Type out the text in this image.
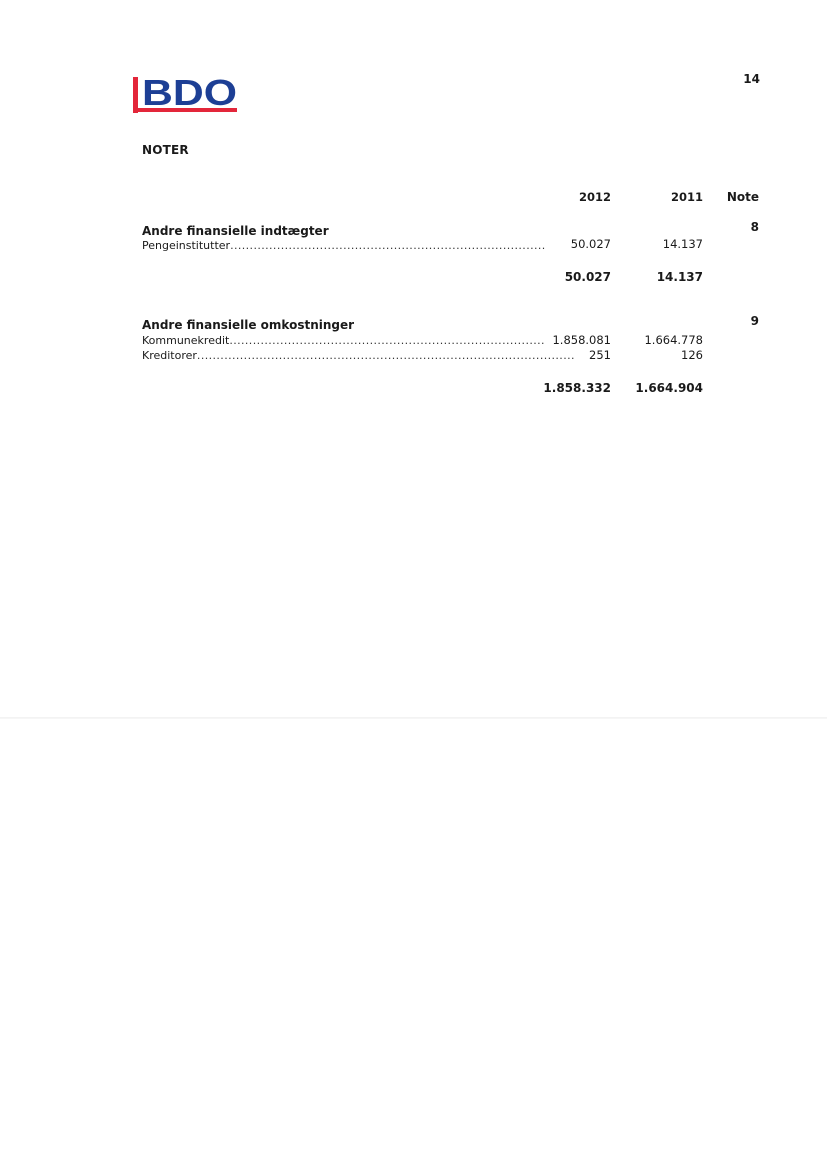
BDO	14
NOTER
2012	2011	Note
Andre finansielle indtægter	8
Pengeinstitutter.................................................................................	50.027	14.137
50.027	14.137
Andre finansielle omkostninger	9
Kommunekredit................................................................................. 1.858.081	1.664.778
Kreditorer.................................................................................................	251	126
1.858.332	1.664.904
